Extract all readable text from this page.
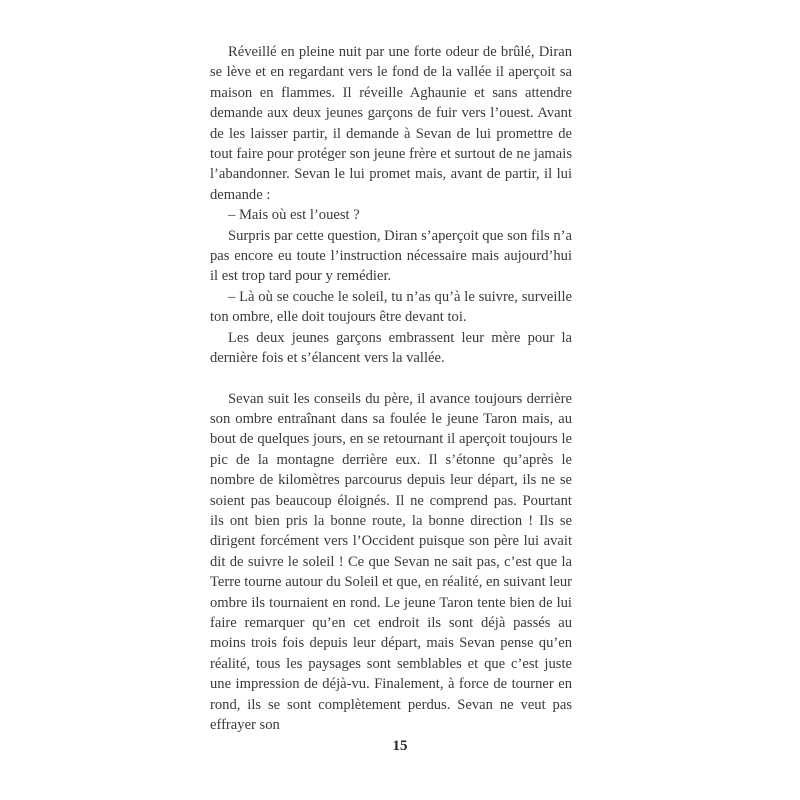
Réveillé en pleine nuit par une forte odeur de brûlé, Diran se lève et en regardant vers le fond de la vallée il aperçoit sa maison en flammes. Il réveille Aghaunie et sans attendre demande aux deux jeunes garçons de fuir vers l’ouest. Avant de les laisser partir, il demande à Sevan de lui promettre de tout faire pour protéger son jeune frère et surtout de ne jamais l’abandonner. Sevan le lui promet mais, avant de partir, il lui demande :

– Mais où est l’ouest ?

Surpris par cette question, Diran s’aperçoit que son fils n’a pas encore eu toute l’instruction nécessaire mais aujourd’hui il est trop tard pour y remédier.

– Là où se couche le soleil, tu n’as qu’à le suivre, surveille ton ombre, elle doit toujours être devant toi.

Les deux jeunes garçons embrassent leur mère pour la dernière fois et s’élancent vers la vallée.

Sevan suit les conseils du père, il avance toujours derrière son ombre entraînant dans sa foulée le jeune Taron mais, au bout de quelques jours, en se retournant il aperçoit toujours le pic de la montagne derrière eux. Il s’étonne qu’après le nombre de kilomètres parcourus depuis leur départ, ils ne se soient pas beaucoup éloignés. Il ne comprend pas. Pourtant ils ont bien pris la bonne route, la bonne direction ! Ils se dirigent forcément vers l’Occident puisque son père lui avait dit de suivre le soleil ! Ce que Sevan ne sait pas, c’est que la Terre tourne autour du Soleil et que, en réalité, en suivant leur ombre ils tournaient en rond. Le jeune Taron tente bien de lui faire remarquer qu’en cet endroit ils sont déjà passés au moins trois fois depuis leur départ, mais Sevan pense qu’en réalité, tous les paysages sont semblables et que c’est juste une impression de déjà-vu. Finalement, à force de tourner en rond, ils se sont complètement perdus. Sevan ne veut pas effrayer son

15
